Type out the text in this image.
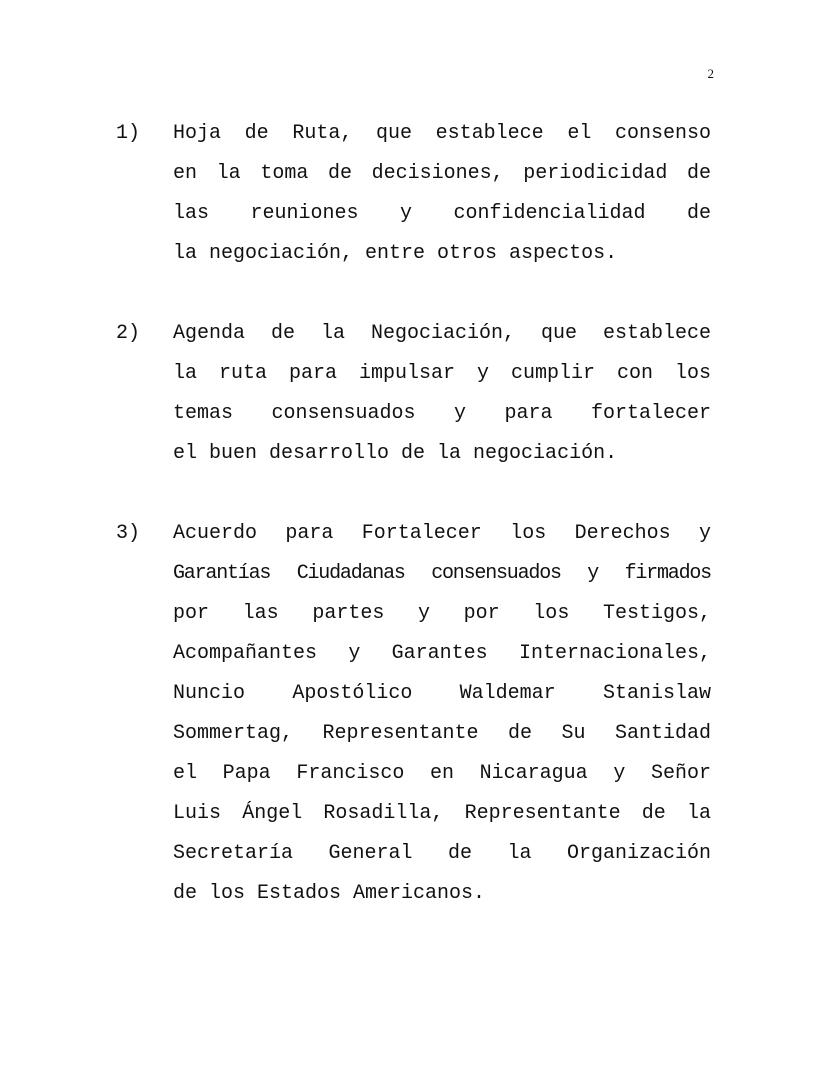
2
1)	Hoja de Ruta, que establece el consenso
en la toma de decisiones, periodicidad de
las reuniones y confidencialidad de
la negociación, entre otros aspectos.
2)	Agenda de la Negociación, que establece
la ruta para impulsar y cumplir con los
temas consensuados y para fortalecer
el buen desarrollo de la negociación.
3)	Acuerdo para Fortalecer los Derechos y
Garantías Ciudadanas consensuados y firmados
por las partes y por los Testigos,
Acompañantes y Garantes Internacionales,
Nuncio Apostólico Waldemar Stanislaw
Sommertag, Representante de Su Santidad
el Papa Francisco en Nicaragua y Señor
Luis Ángel Rosadilla, Representante de la
Secretaría General de la Organización
de los Estados Americanos.
